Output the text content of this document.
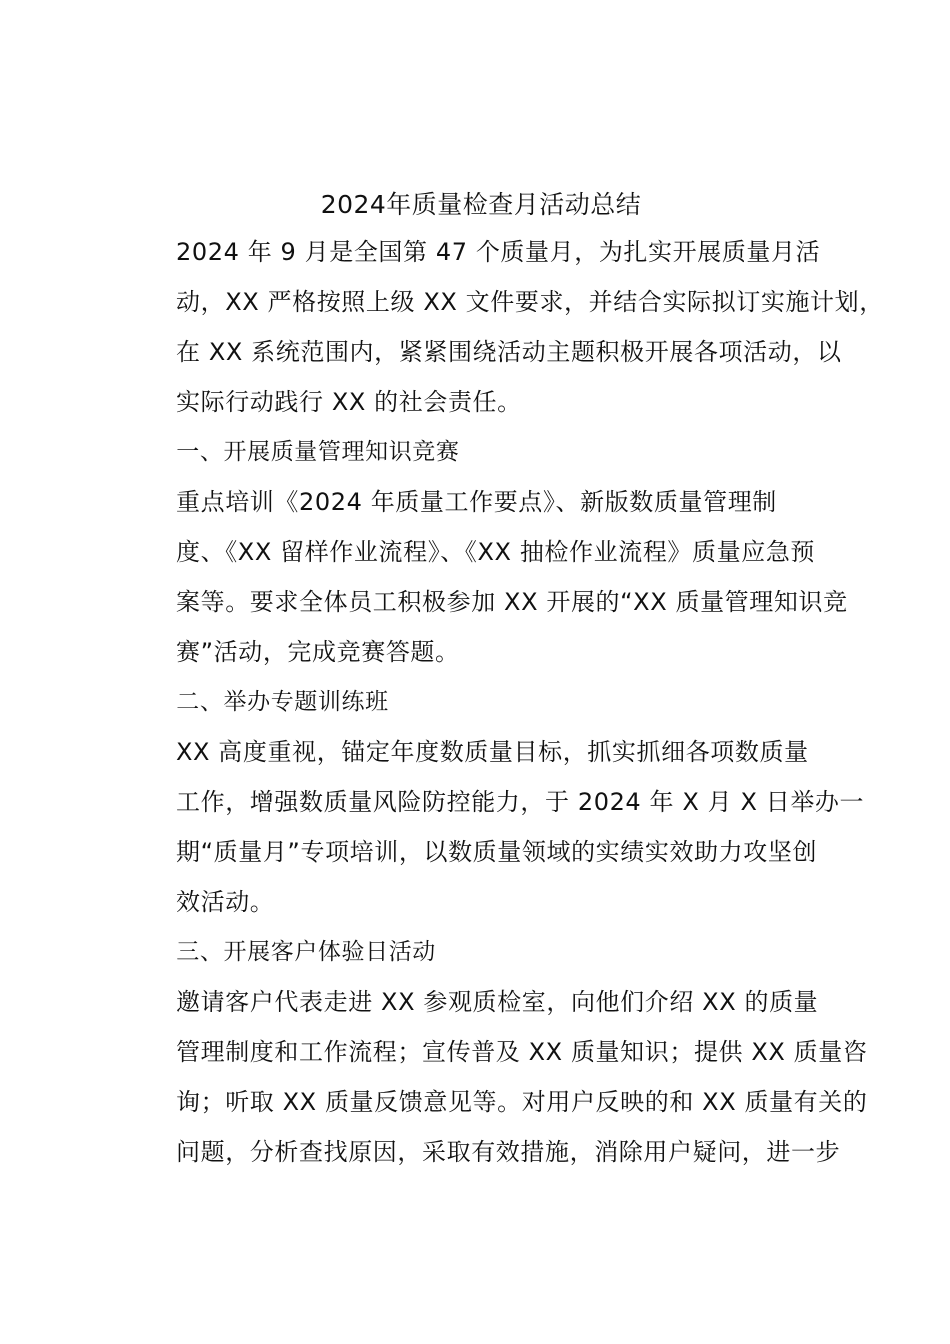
2024年质量检查月活动总结

2024 年 9 月是全国第 47 个质量月，为扎实开展质量月活
动，XX 严格按照上级 XX 文件要求，并结合实际拟订实施计划，
在 XX 系统范围内，紧紧围绕活动主题积极开展各项活动，以
实际行动践行 XX 的社会责任。

一、开展质量管理知识竞赛

重点培训《2024 年质量工作要点》、新版数质量管理制
度、《XX 留样作业流程》、《XX 抽检作业流程》质量应急预
案等。要求全体员工积极参加 XX 开展的“XX 质量管理知识竞
赛”活动，完成竞赛答题。

二、举办专题训练班

XX 高度重视，锚定年度数质量目标，抓实抓细各项数质量
工作，增强数质量风险防控能力，于 2024 年 X 月 X 日举办一
期“质量月”专项培训，以数质量领域的实绩实效助力攻坚创
效活动。

三、开展客户体验日活动

邀请客户代表走进 XX 参观质检室，向他们介绍 XX 的质量
管理制度和工作流程；宣传普及 XX 质量知识；提供 XX 质量咨
询；听取 XX 质量反馈意见等。对用户反映的和 XX 质量有关的
问题，分析查找原因，采取有效措施，消除用户疑问，进一步
